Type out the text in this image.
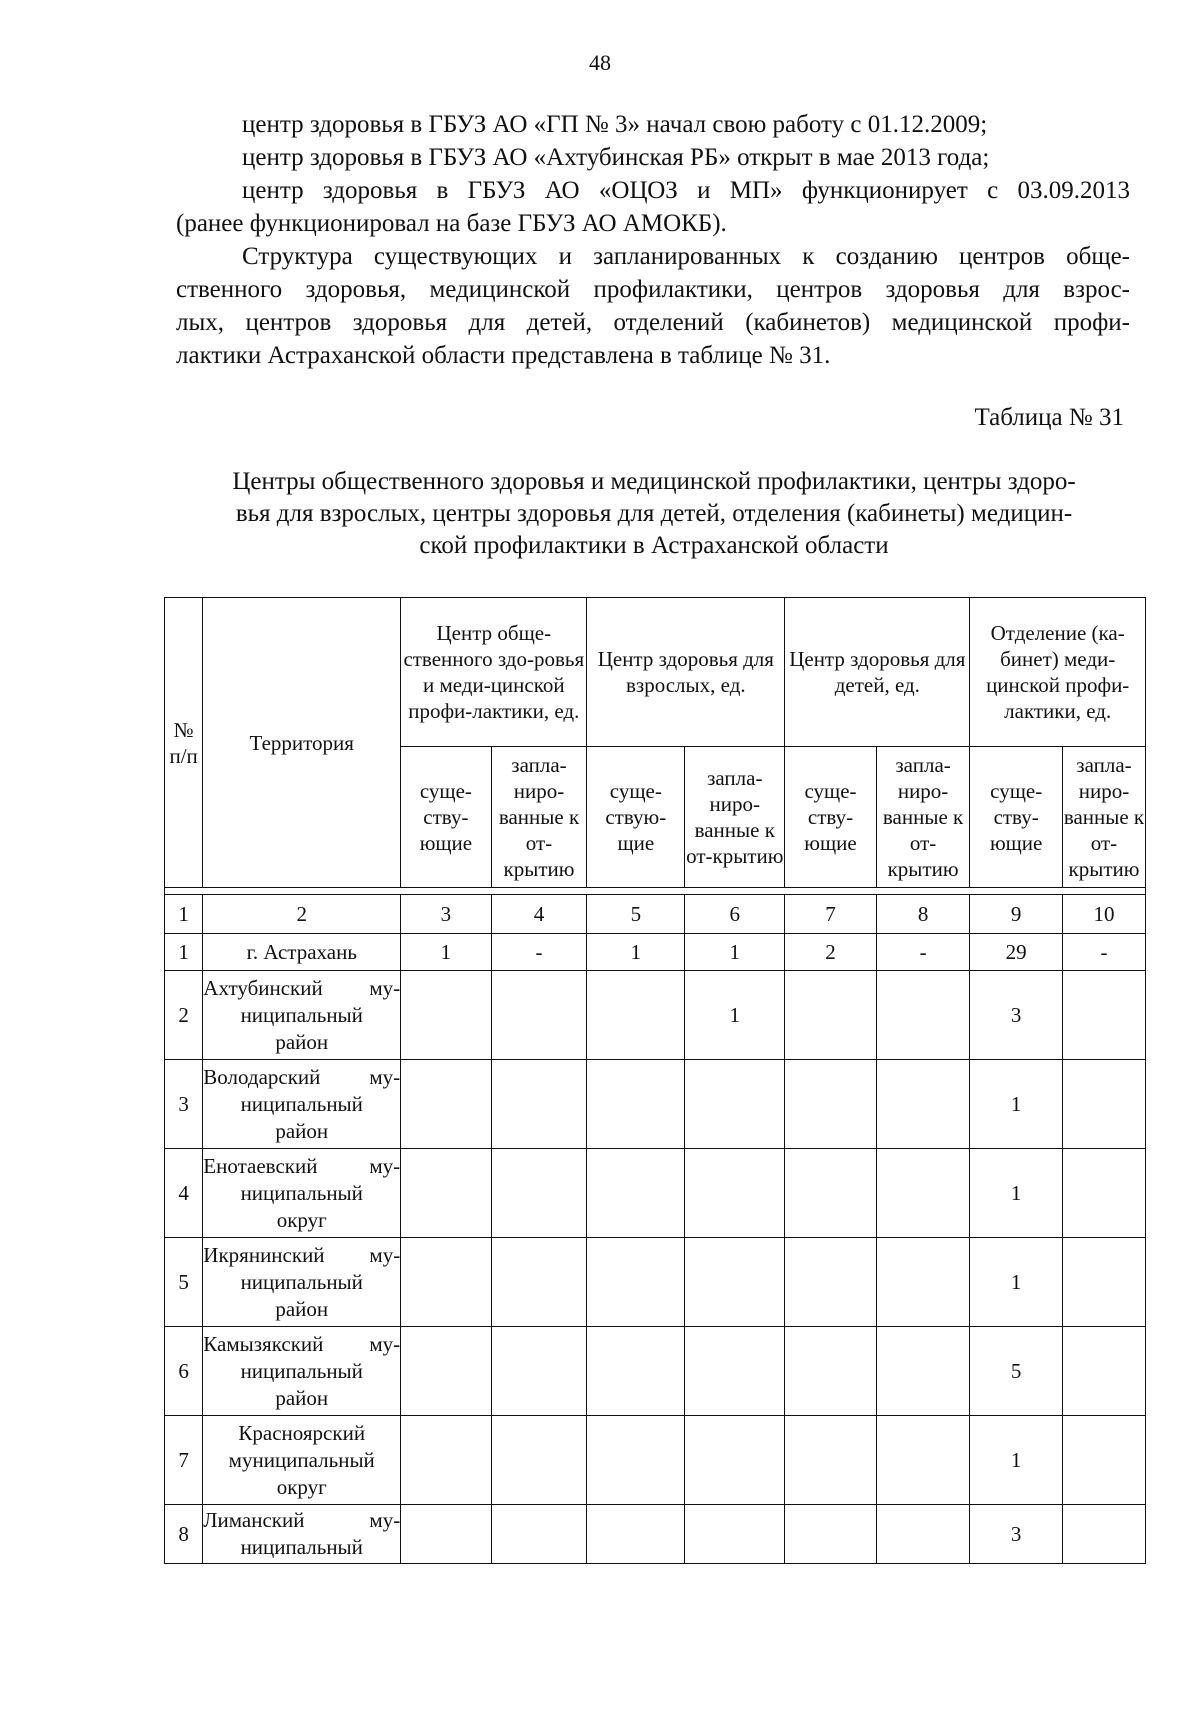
48
центр здоровья в ГБУЗ АО «ГП № 3» начал свою работу с 01.12.2009;
центр здоровья в ГБУЗ АО «Ахтубинская РБ» открыт в мае 2013 года;
центр здоровья в ГБУЗ АО «ОЦОЗ и МП» функционирует с 03.09.2013
(ранее функционировал на базе ГБУЗ АО АМОКБ).
Структура существующих и запланированных к созданию центров обще-
ственного здоровья, медицинской профилактики, центров здоровья для взрос-
лых, центров здоровья для детей, отделений (кабинетов) медицинской профи-
лактики Астраханской области представлена в таблице № 31.
Таблица № 31
Центры общественного здоровья и медицинской профилактики, центры здоро-
вья для взрослых, центры здоровья для детей, отделения (кабинеты) медицин-
ской профилактики в Астраханской области
№ п/п	Территория	Центр обще-ственного здо-ровья и меди-цинской профи-лактики, ед.		Центр здоровья для взрослых, ед.		Центр здоровья для детей, ед.		Отделение (ка-бинет) меди-цинской профи-лактики, ед.	
		суще-ству-ющие	запла-ниро-ванные к от-крытию	суще-ствую-щие	запла-ниро-ванные к от-крытию	суще-ству-ющие	запла-ниро-ванные к от-крытию	суще-ству-ющие	запла-ниро-ванные к от-крытию

1	2	3	4	5	6	7	8	9	10
1	г. Астрахань	1	-	1	1	2	-	29	-
2	Ахтубинский му-
ниципальный
район				1			3	
3	Володарский му-
ниципальный
район							1	
4	Енотаевский му-
ниципальный
округ							1	
5	Икрянинский му-
ниципальный
район							1	
6	Камызякский му-
ниципальный
район							5	
7	Красноярский
муниципальный
округ							1	
8	Лиманский му-
ниципальный							3	
